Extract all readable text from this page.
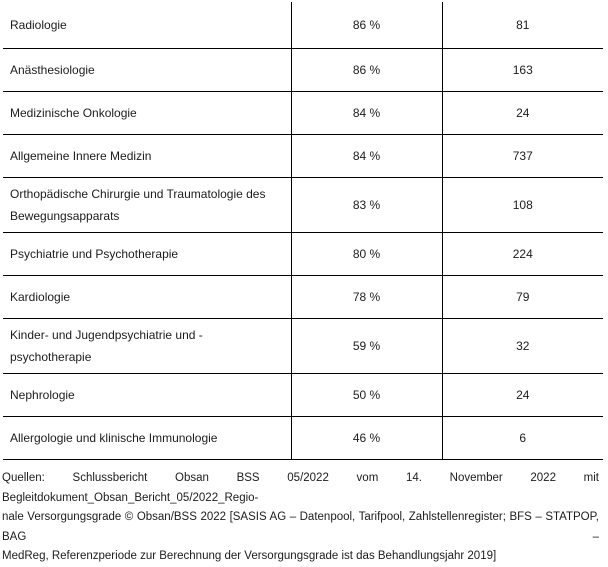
Radiologie	86 %	81
Anästhesiologie	86 %	163
Medizinische Onkologie	84 %	24
Allgemeine Innere Medizin	84 %	737
Orthopädische Chirurgie und Traumatologie des Bewegungsapparats	83 %	108
Psychiatrie und Psychotherapie	80 %	224
Kardiologie	78 %	79
Kinder- und Jugendpsychiatrie und -psychotherapie	59 %	32
Nephrologie	50 %	24
Allergologie und klinische Immunologie	46 %	6
Quellen: Schlussbericht Obsan BSS 05/2022 vom 14. November 2022 mit Begleitdokument_Obsan_Bericht_05/2022_Regio-
nale Versorgungsgrade © Obsan/BSS 2022 [SASIS AG – Datenpool, Tarifpool, Zahlstellenregister; BFS – STATPOP, BAG –
MedReg, Referenzperiode zur Berechnung der Versorgungsgrade ist das Behandlungsjahr 2019]
